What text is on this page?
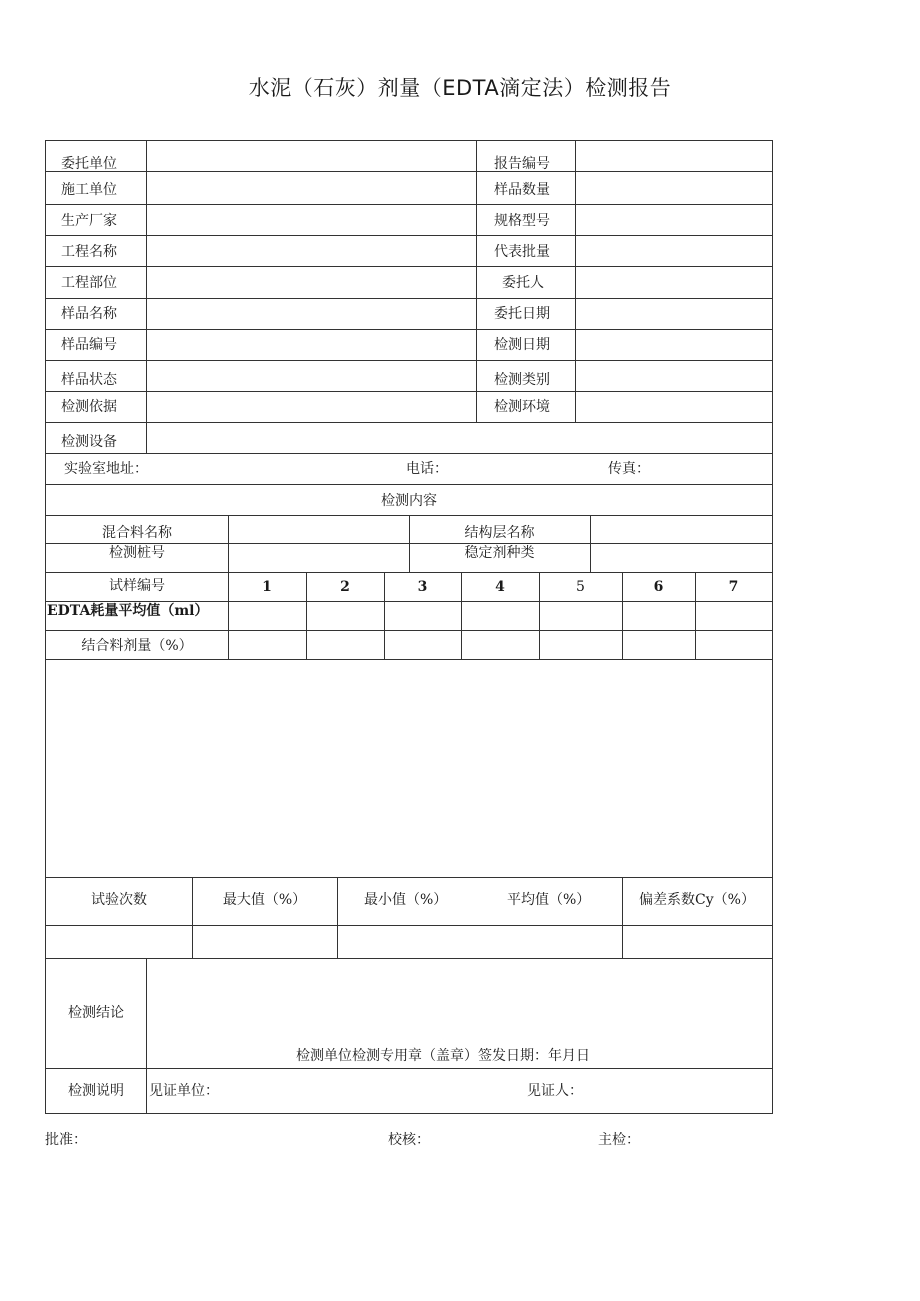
水泥（石灰）剂量（EDTA滴定法）检测报告
委托单位	报告编号
施工单位	样品数量
生产厂家	规格型号
工程名称	代表批量
工程部位	委托人
样品名称	委托日期
样品编号	检测日期
样品状态	检测类别
检测依据	检测环境
检测设备
实验室地址：	电话：	传真：
检测内容
混合料名称	结构层名称
检测桩号	稳定剂种类
试样编号	1	2	3	4	5	6	7
EDTA耗量平均值（ml）
结合料剂量（%）
试验次数	最大值（%）	最小值（%）	平均值（%）	偏差系数Cy（%）
检测结论
检测单位检测专用章（盖章）签发日期：年月日
检测说明	见证单位：	见证人：
批准：	校核：	主检：
